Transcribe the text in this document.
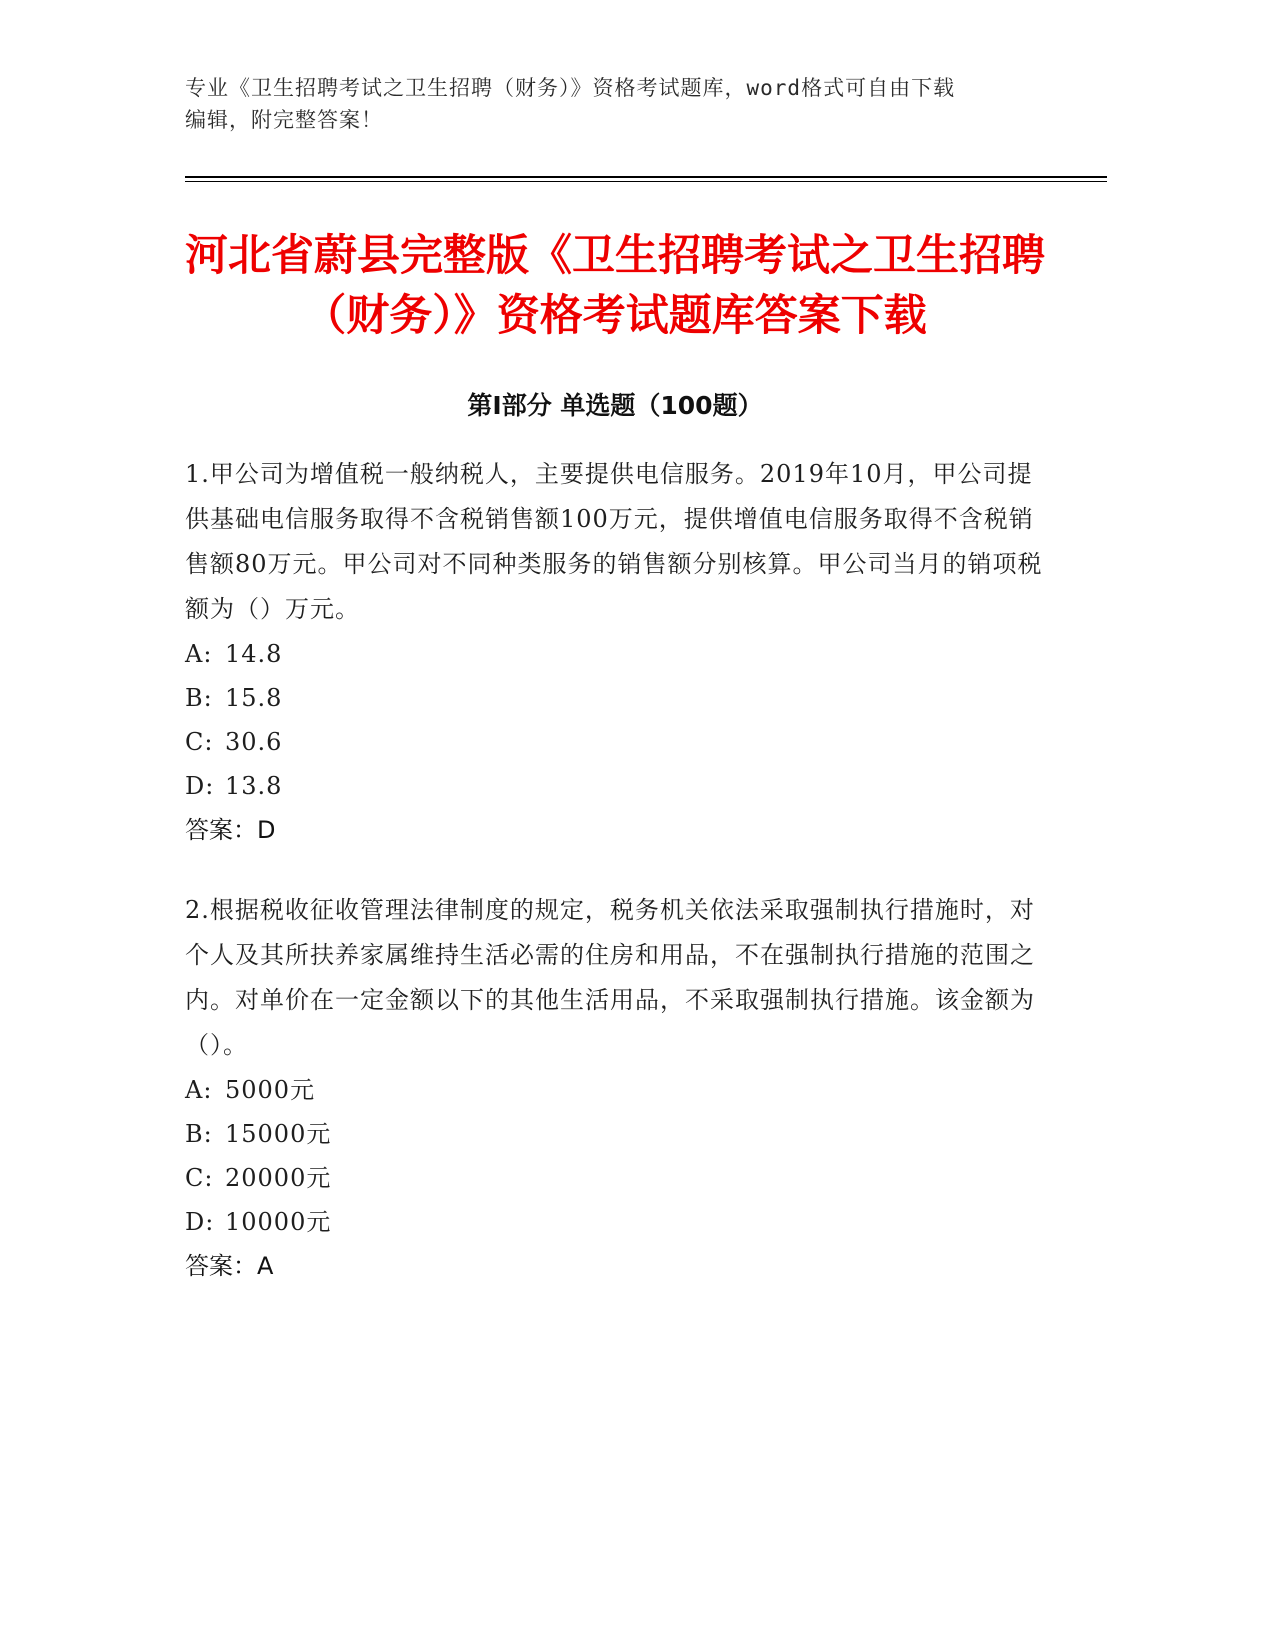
专业《卫生招聘考试之卫生招聘（财务）》资格考试题库，word格式可自由下载
编辑，附完整答案！
河北省蔚县完整版《卫生招聘考试之卫生招聘（财务）》资格考试题库答案下载
第Ⅰ部分 单选题（100题）
1.甲公司为增值税一般纳税人，主要提供电信服务。2019年10月，甲公司提供基础电信服务取得不含税销售额100万元，提供增值电信服务取得不含税销售额80万元。甲公司对不同种类服务的销售额分别核算。甲公司当月的销项税额为（）万元。
A: 14.8
B: 15.8
C: 30.6
D: 13.8
答案：D
2.根据税收征收管理法律制度的规定，税务机关依法采取强制执行措施时，对个人及其所扶养家属维持生活必需的住房和用品，不在强制执行措施的范围之内。对单价在一定金额以下的其他生活用品，不采取强制执行措施。该金额为（）。
A: 5000元
B: 15000元
C: 20000元
D: 10000元
答案：A
